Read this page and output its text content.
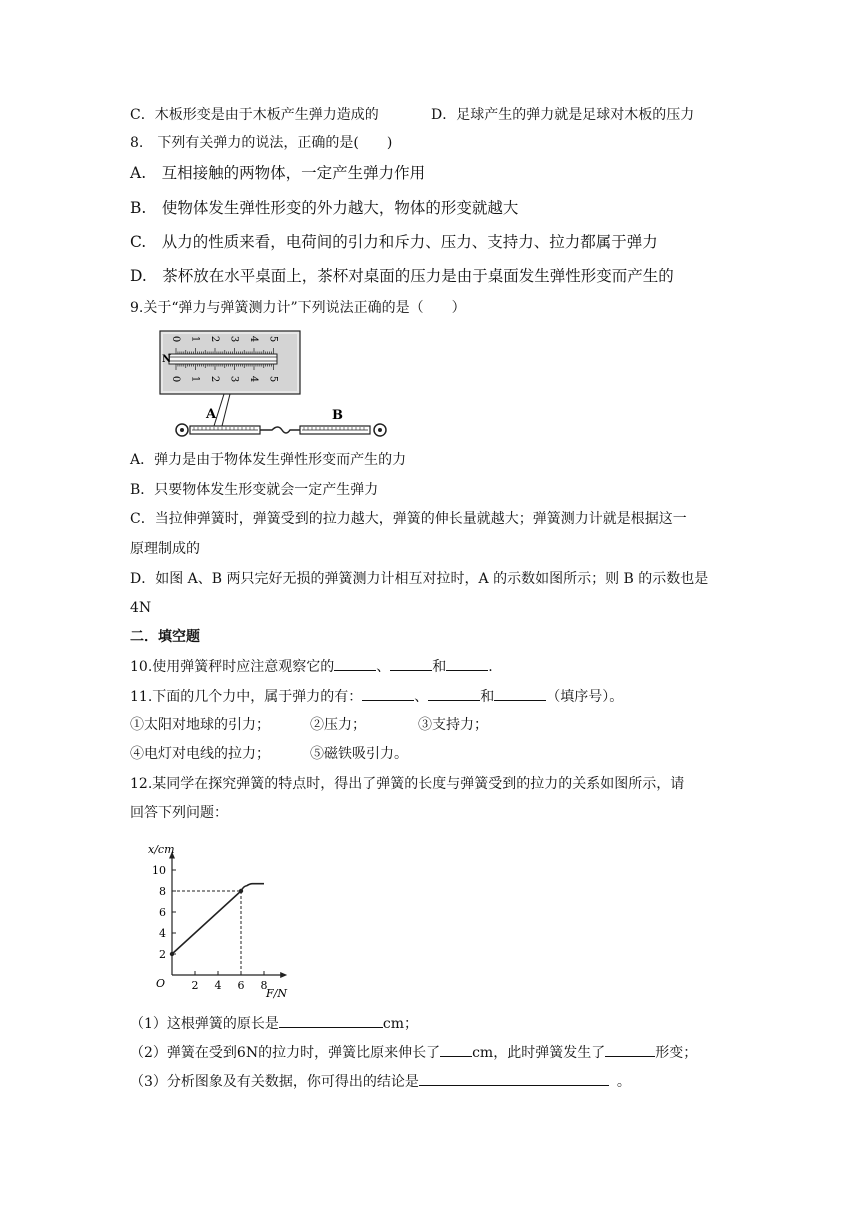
C．木板形变是由于木板产生弹力造成的	D．足球产生的弹力就是足球对木板的压力
8.　下列有关弹力的说法，正确的是(　　)
A.　互相接触的两物体，一定产生弹力作用
B.　使物体发生弹性形变的外力越大，物体的形变就越大
C.　从力的性质来看，电荷间的引力和斥力、压力、支持力、拉力都属于弹力
D.　茶杯放在水平桌面上，茶杯对桌面的压力是由于桌面发生弹性形变而产生的
9.关于“弹力与弹簧测力计”下列说法正确的是（　　）
N
0 1 2 3 4 5
0 1 2 3 4 5
A	B
A．弹力是由于物体发生弹性形变而产生的力
B．只要物体发生形变就会一定产生弹力
C．当拉伸弹簧时，弹簧受到的拉力越大，弹簧的伸长量就越大；弹簧测力计就是根据这一
原理制成的
D．如图 A、B 两只完好无损的弹簧测力计相互对拉时，A 的示数如图所示；则 B 的示数也是
4N
二．填空题
10.使用弹簧秤时应注意观察它的	、	和	.
11.下面的几个力中，属于弹力的有：	、	和	（填序号）。
①太阳对地球的引力；	②压力；	③支持力；
④电灯对电线的拉力；	⑤磁铁吸引力。
12.某同学在探究弹簧的特点时，得出了弹簧的长度与弹簧受到的拉力的关系如图所示，请
回答下列问题：
2 4 6 8
2
4
6
8
10
x/cm
F/N
O
（1）这根弹簧的原长是	cm；
（2）弹簧在受到6N的拉力时，弹簧比原来伸长了 cm，此时弹簧发生了	形变；
（3）分析图象及有关数据，你可得出的结论是	。
